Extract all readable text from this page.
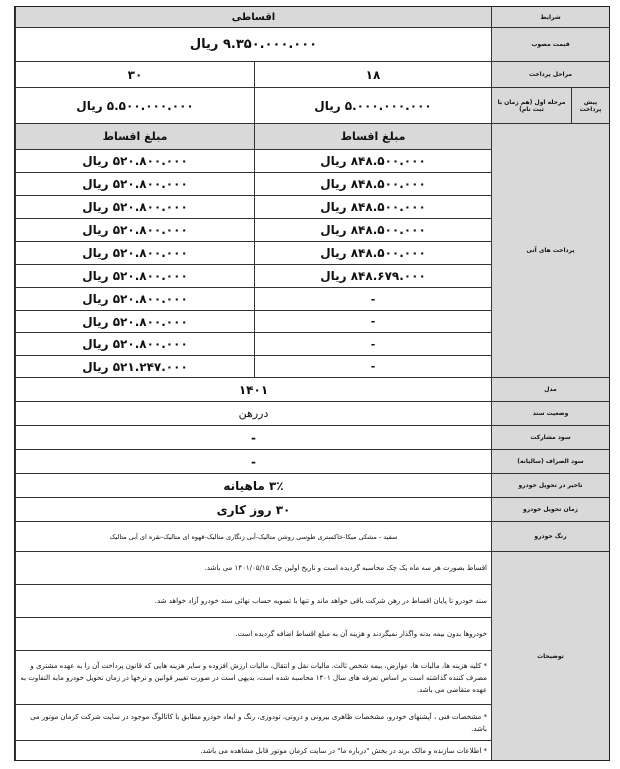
شرایط
اقساطی
قیمت مصوب
۹.۳۵۰.۰۰۰.۰۰۰ ریال
مراحل پرداخت
۱۸
۳۰
پیش پرداخت
مرحله اول (هم زمان با ثبت نام)
۵.۰۰۰.۰۰۰.۰۰۰ ریال
۵.۵۰۰.۰۰۰.۰۰۰ ریال
پرداخت های آتی
مبلغ اقساط
مبلغ اقساط
۸۴۸.۵۰۰.۰۰۰ ریال
۵۲۰.۸۰۰.۰۰۰ ریال
۸۴۸.۵۰۰.۰۰۰ ریال
۵۲۰.۸۰۰.۰۰۰ ریال
۸۴۸.۵۰۰.۰۰۰ ریال
۵۲۰.۸۰۰.۰۰۰ ریال
۸۴۸.۵۰۰.۰۰۰ ریال
۵۲۰.۸۰۰.۰۰۰ ریال
۸۴۸.۵۰۰.۰۰۰ ریال
۵۲۰.۸۰۰.۰۰۰ ریال
۸۴۸.۶۷۹.۰۰۰ ریال
۵۲۰.۸۰۰.۰۰۰ ریال
-
۵۲۰.۸۰۰.۰۰۰ ریال
-
۵۲۰.۸۰۰.۰۰۰ ریال
-
۵۲۰.۸۰۰.۰۰۰ ریال
-
۵۲۱.۲۴۷.۰۰۰ ریال
مدل
۱۴۰۱
وضعیت سند
دررهن
سود مشارکت
-
سود الصراف (سالیانه)
-
تاخیر در تحویل خودرو
۳٪ ماهیانه
زمان تحویل خودرو
۳۰ روز کاری
رنگ خودرو
سفید - مشکی میکا-خاکستری طوسی روشن متالیک-آبی زنگاری متالیک-قهوه ای متالیک-نقره ای آبی متالیک
توضیحات
اقساط بصورت هر سه ماه یک چک محاسبه گردیده است و تاریخ اولین چک ۱۴۰۱/۰۵/۱۵ می باشد.
سند خودرو تا پایان اقساط در رهن شرکت باقی خواهد ماند و تنها با تسویه حساب نهائی سند خودرو آزاد خواهد شد.
خودروها بدون بیمه بدنه واگذار نمیگردند و هزینه آن به مبلغ اقساط اضافه گردیده است.
* کلیه هزینه ها، مالیات ها، عوارض، بیمه شخص ثالث، مالیات نقل و انتقال، مالیات ارزش افزوده و سایر هزینه هایی که قانون پرداخت آن را به عهده مشتری و مصرف کننده گذاشته است بر اساس تعرفه های سال ۱۴۰۱ محاسبه شده است، بدیهی است در صورت تغییر قوانین و نرخها در زمان تحویل خودرو مابه التفاوت به عهده متقاضی می باشد.
* مشخصات فنی ، آپشنهای خودرو، مشخصات ظاهری بیرونی و درونی، تودوزی، رنگ و ابعاد خودرو مطابق با کاتالوگ موجود در سایت شرکت کرمان موتور می باشد.
* اطلاعات سازنده و مالک برند در بخش "درباره ما" در سایت کرمان موتور قابل مشاهده می باشد.
